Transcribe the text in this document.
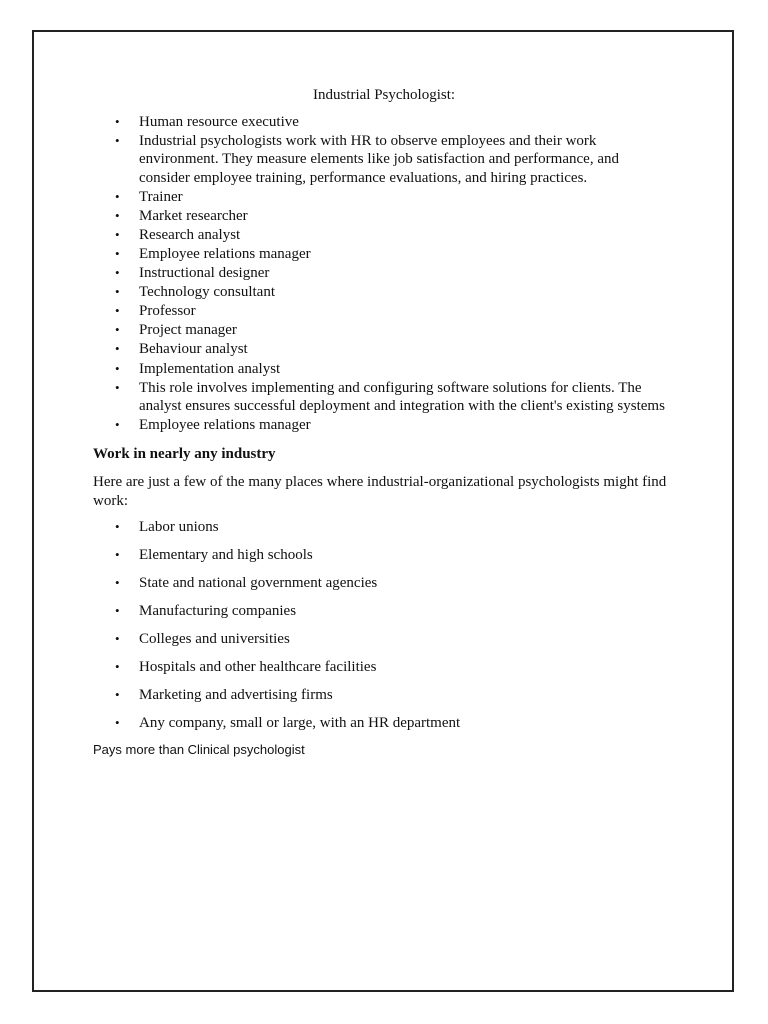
Industrial Psychologist:
• Human resource executive
• Industrial psychologists work with HR to observe employees and their work environment. They measure elements like job satisfaction and performance, and consider employee training, performance evaluations, and hiring practices.
• Trainer
• Market researcher
• Research analyst
• Employee relations manager
• Instructional designer
• Technology consultant
• Professor
• Project manager
• Behaviour analyst
• Implementation analyst
• This role involves implementing and configuring software solutions for clients. The analyst ensures successful deployment and integration with the client's existing systems
• Employee relations manager

Work in nearly any industry

Here are just a few of the many places where industrial-organizational psychologists might find work:

• Labor unions
• Elementary and high schools
• State and national government agencies
• Manufacturing companies
• Colleges and universities
• Hospitals and other healthcare facilities
• Marketing and advertising firms
• Any company, small or large, with an HR department

Pays more than Clinical psychologist
